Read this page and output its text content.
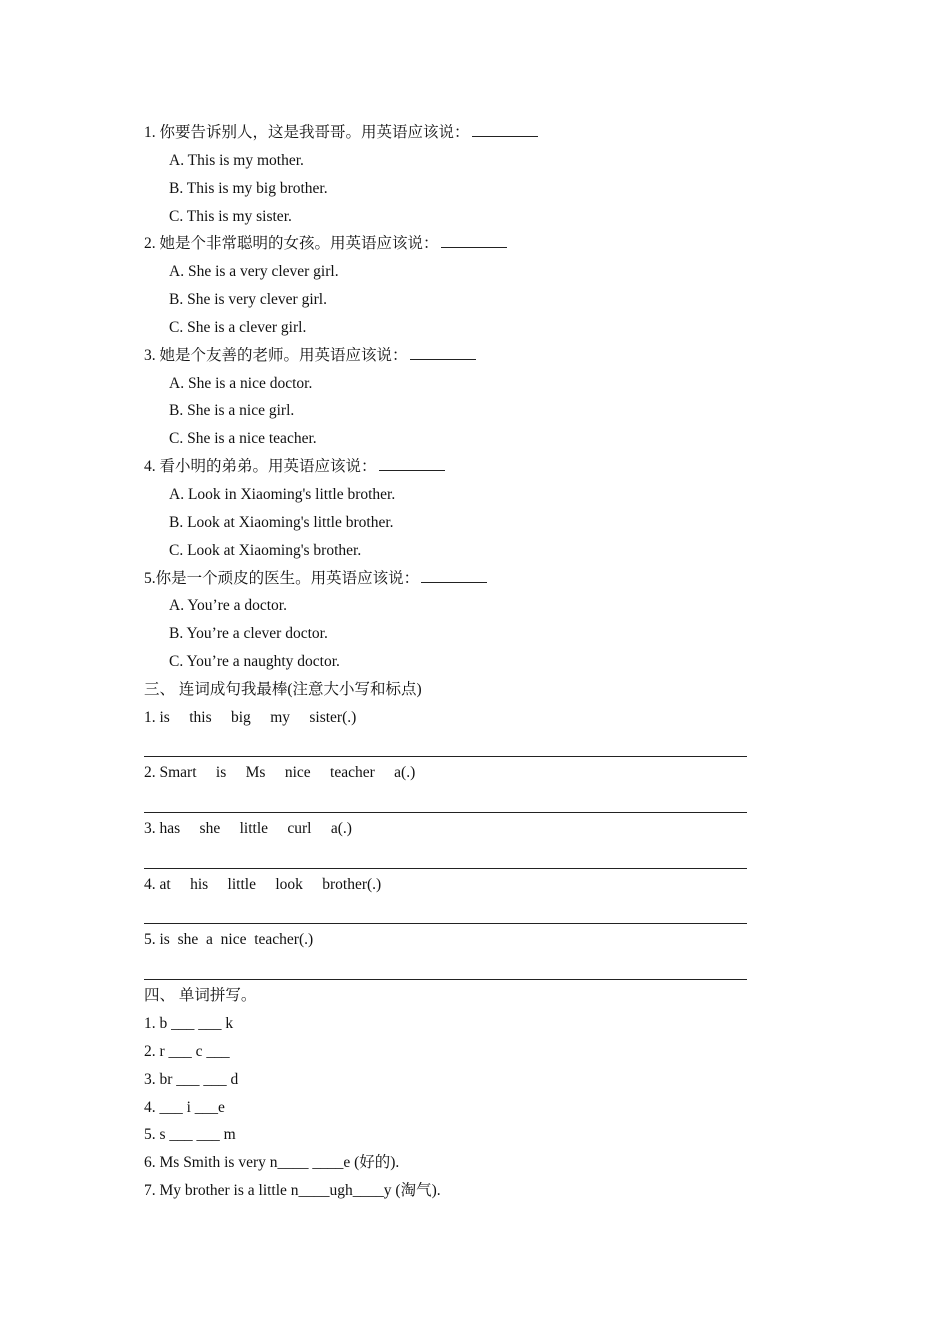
1. 你要告诉别人，这是我哥哥。用英语应该说：
A. This is my mother.
B. This is my big brother.
C. This is my sister.
2. 她是个非常聪明的女孩。用英语应该说：
A. She is a very clever girl.
B. She is very clever girl.
C. She is a clever girl.
3. 她是个友善的老师。用英语应该说：
A. She is a nice doctor.
B. She is a nice girl.
C. She is a nice teacher.
4. 看小明的弟弟。用英语应该说：
A. Look in Xiaoming's little brother.
B. Look at Xiaoming's little brother.
C. Look at Xiaoming's brother.
5.你是一个顽皮的医生。用英语应该说：
A. You’re a doctor.
B. You’re a clever doctor.
C. You’re a naughty doctor.
三、 连词成句我最棒(注意大小写和标点)
1. is this big my sister(.)
2. Smart is Ms nice teacher a(.)
3. has she little curl a(.)
4. at his little look brother(.)
5. is she a nice teacher(.)
四、 单词拼写。
1. b ___ ___ k
2. r ___ c ___
3. br ___ ___ d
4. ___ i ___e
5. s ___ ___ m
6. Ms Smith is very n____ ____e (好的).
7. My brother is a little n____ugh____y (淘气).
